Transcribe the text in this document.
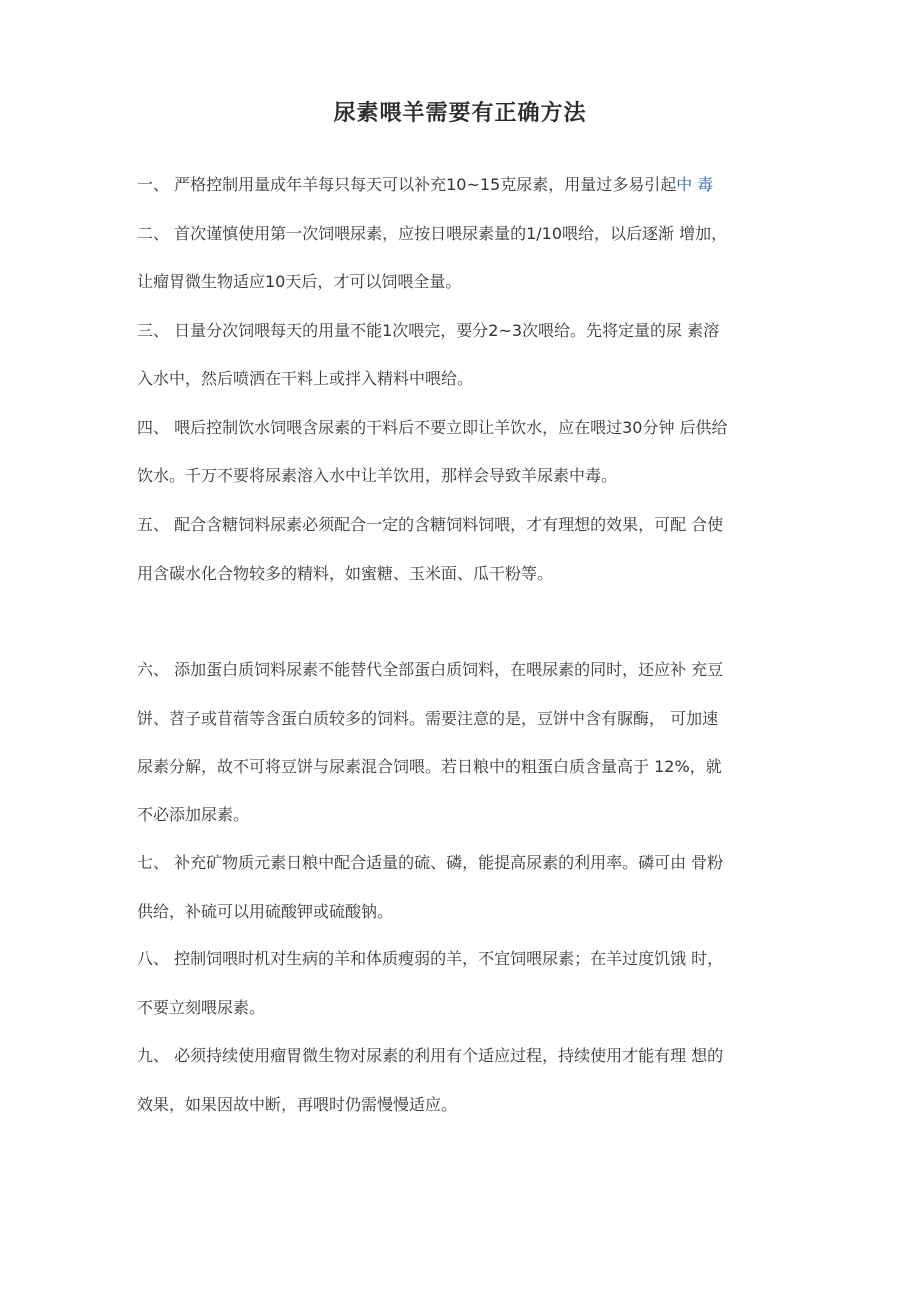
尿素喂羊需要有正确方法
一、 严格控制用量成年羊每只每天可以补充10~15克尿素，用量过多易引起中 毒
二、 首次谨慎使用第一次饲喂尿素，应按日喂尿素量的1/10喂给，以后逐渐 增加，
让瘤胃微生物适应10天后，才可以饲喂全量。
三、 日量分次饲喂每天的用量不能1次喂完，要分2~3次喂给。先将定量的尿 素溶
入水中，然后喷洒在干料上或拌入精料中喂给。
四、 喂后控制饮水饲喂含尿素的干料后不要立即让羊饮水，应在喂过30分钟 后供给
饮水。千万不要将尿素溶入水中让羊饮用，那样会导致羊尿素中毒。
五、 配合含糖饲料尿素必须配合一定的含糖饲料饲喂，才有理想的效果，可配 合使
用含碳水化合物较多的精料，如蜜糖、玉米面、瓜干粉等。
六、 添加蛋白质饲料尿素不能替代全部蛋白质饲料，在喂尿素的同时，还应补 充豆
饼、苕子或苜蓿等含蛋白质较多的饲料。需要注意的是，豆饼中含有脲酶， 可加速
尿素分解，故不可将豆饼与尿素混合饲喂。若日粮中的粗蛋白质含量高于 12%，就
不必添加尿素。
七、 补充矿物质元素日粮中配合适量的硫、磷，能提高尿素的利用率。磷可由 骨粉
供给，补硫可以用硫酸钾或硫酸钠。
八、 控制饲喂时机对生病的羊和体质瘦弱的羊，不宜饲喂尿素；在羊过度饥饿 时，
不要立刻喂尿素。
九、 必须持续使用瘤胃微生物对尿素的利用有个适应过程，持续使用才能有理 想的
效果，如果因故中断，再喂时仍需慢慢适应。
